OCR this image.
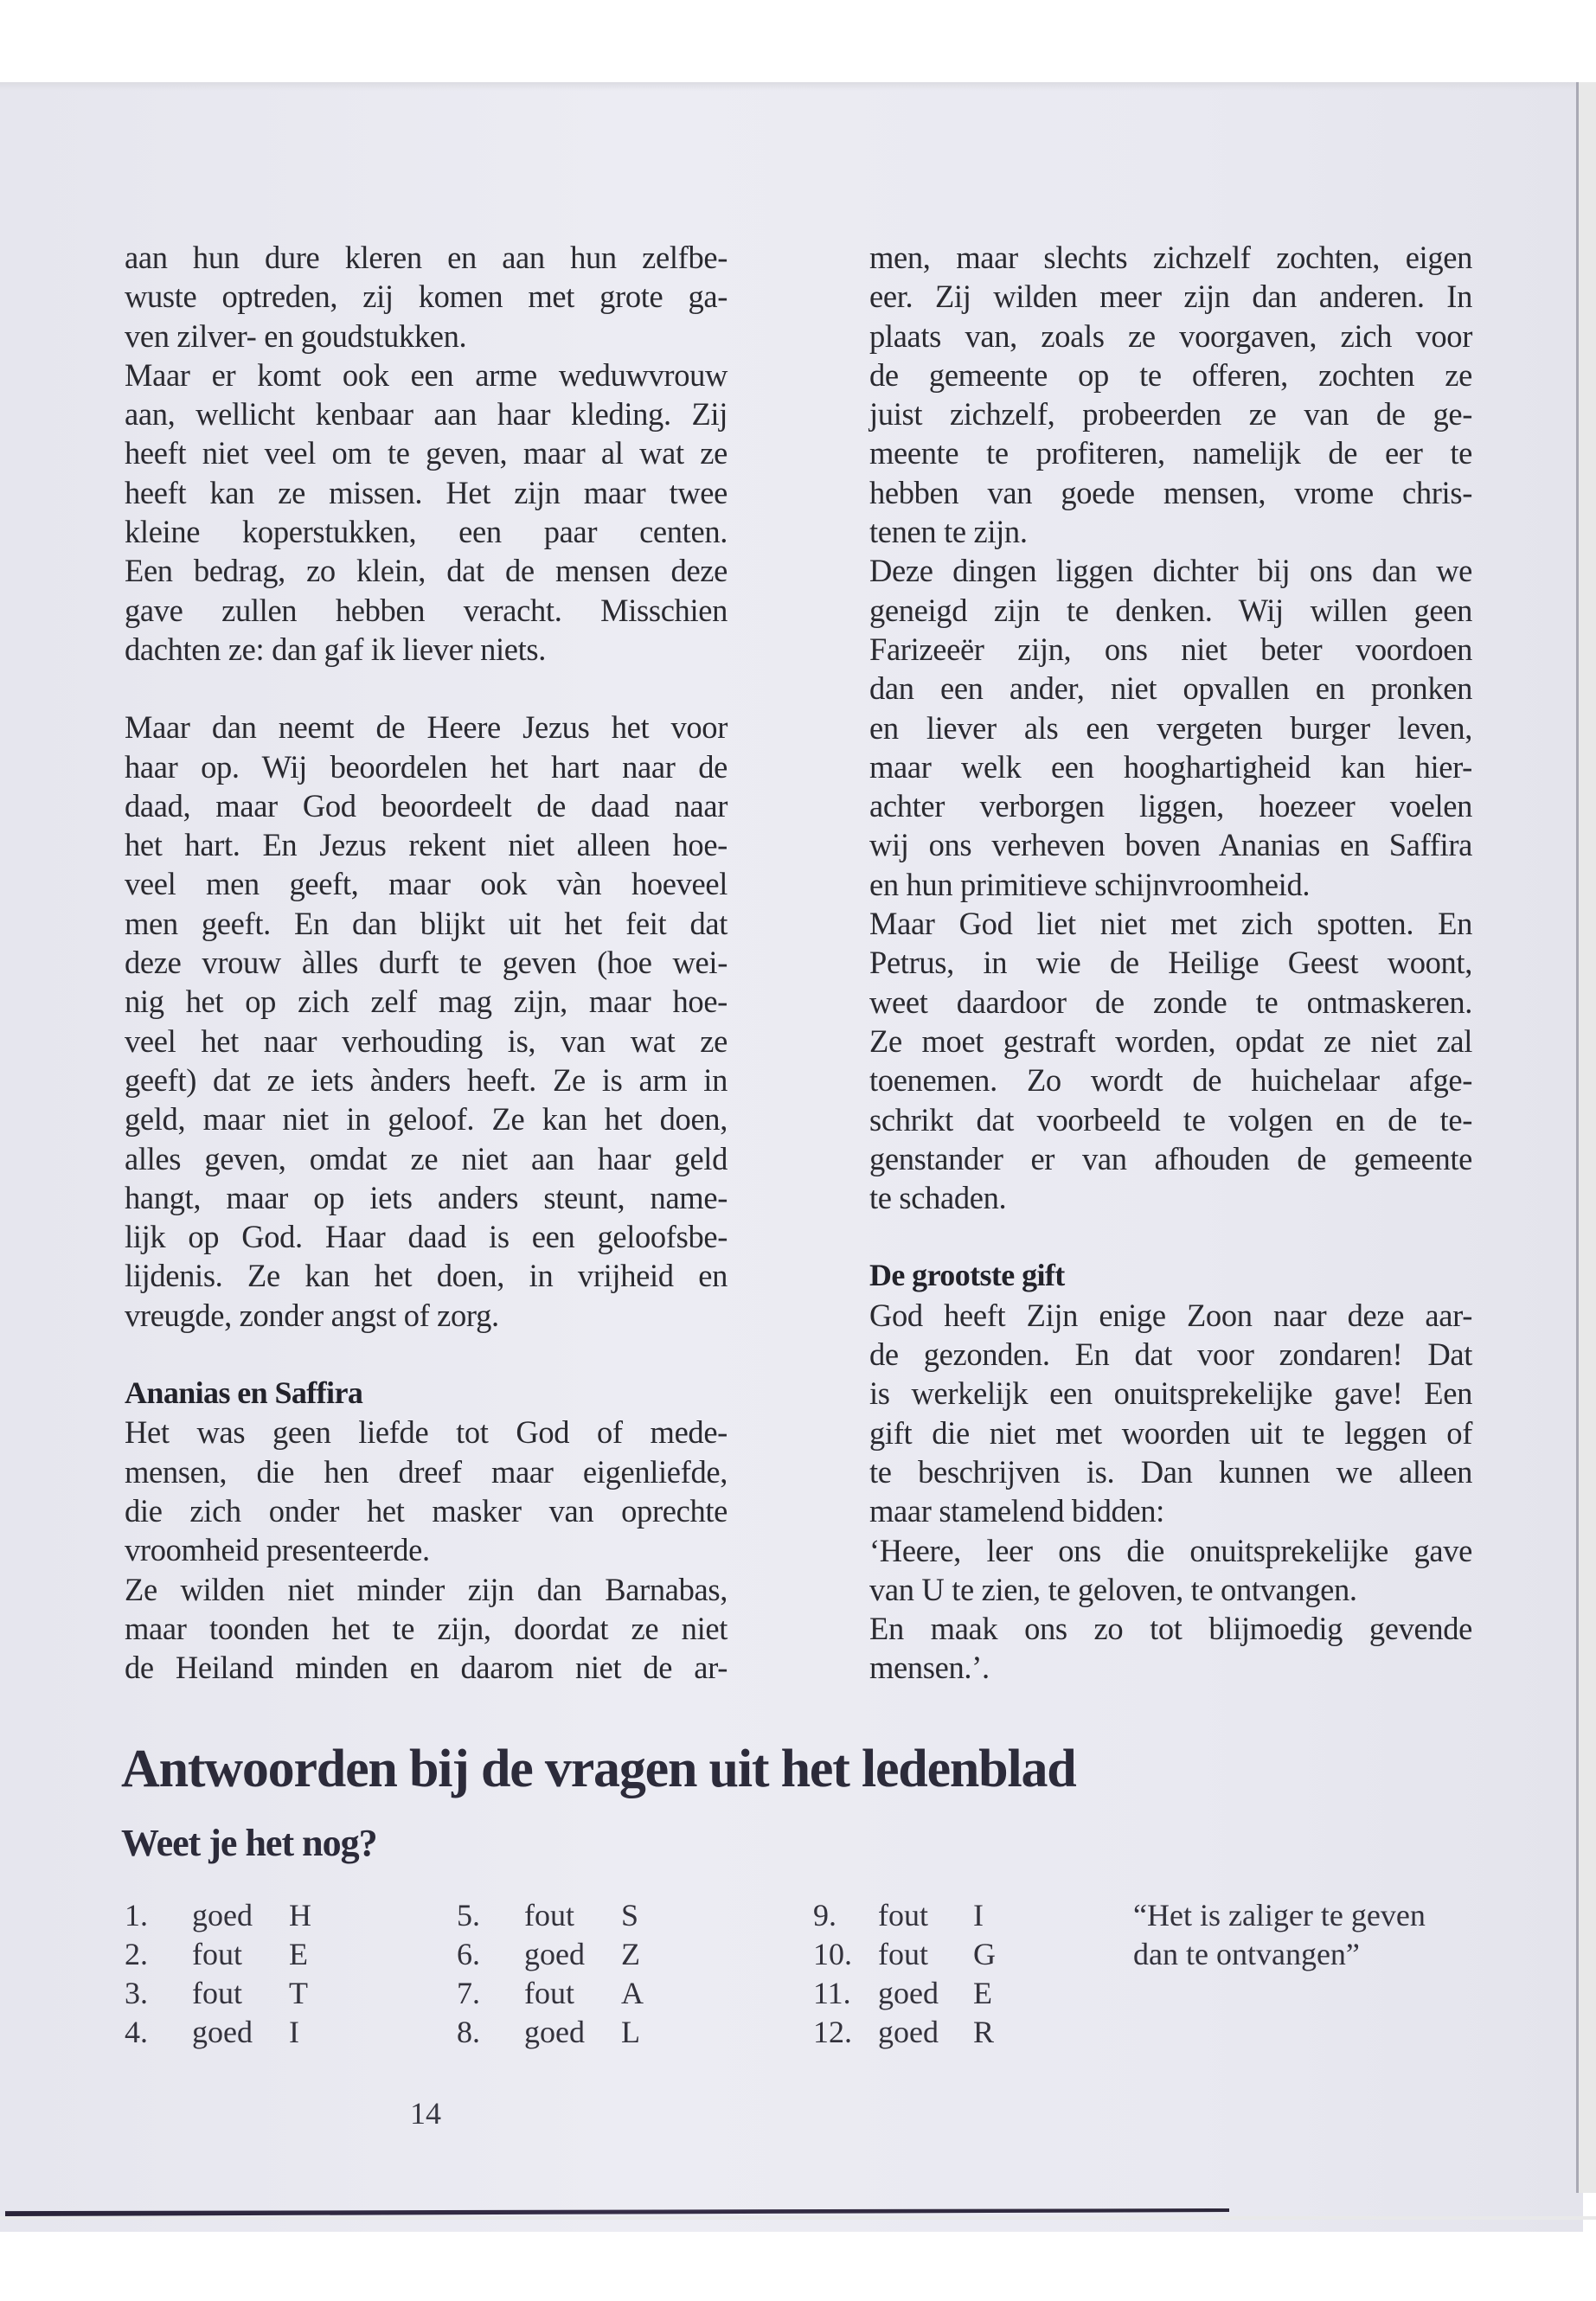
aan hun dure kleren en aan hun zelfbe-
wuste optreden, zij komen met grote ga-
ven zilver- en goudstukken.
Maar er komt ook een arme weduwvrouw
aan, wellicht kenbaar aan haar kleding. Zij
heeft niet veel om te geven, maar al wat ze
heeft kan ze missen. Het zijn maar twee
kleine koperstukken, een paar centen.
Een bedrag, zo klein, dat de mensen deze
gave zullen hebben veracht. Misschien
dachten ze: dan gaf ik liever niets.
Maar dan neemt de Heere Jezus het voor
haar op. Wij beoordelen het hart naar de
daad, maar God beoordeelt de daad naar
het hart. En Jezus rekent niet alleen hoe-
veel men geeft, maar ook vàn hoeveel
men geeft. En dan blijkt uit het feit dat
deze vrouw àlles durft te geven (hoe wei-
nig het op zich zelf mag zijn, maar hoe-
veel het naar verhouding is, van wat ze
geeft) dat ze iets ànders heeft. Ze is arm in
geld, maar niet in geloof. Ze kan het doen,
alles geven, omdat ze niet aan haar geld
hangt, maar op iets anders steunt, name-
lijk op God. Haar daad is een geloofsbe-
lijdenis. Ze kan het doen, in vrijheid en
vreugde, zonder angst of zorg.
Ananias en Saffira
Het was geen liefde tot God of mede-
mensen, die hen dreef maar eigenliefde,
die zich onder het masker van oprechte
vroomheid presenteerde.
Ze wilden niet minder zijn dan Barnabas,
maar toonden het te zijn, doordat ze niet
de Heiland minden en daarom niet de ar-
men, maar slechts zichzelf zochten, eigen
eer. Zij wilden meer zijn dan anderen. In
plaats van, zoals ze voorgaven, zich voor
de gemeente op te offeren, zochten ze
juist zichzelf, probeerden ze van de ge-
meente te profiteren, namelijk de eer te
hebben van goede mensen, vrome chris-
tenen te zijn.
Deze dingen liggen dichter bij ons dan we
geneigd zijn te denken. Wij willen geen
Farizeeër zijn, ons niet beter voordoen
dan een ander, niet opvallen en pronken
en liever als een vergeten burger leven,
maar welk een hooghartigheid kan hier-
achter verborgen liggen, hoezeer voelen
wij ons verheven boven Ananias en Saffira
en hun primitieve schijnvroomheid.
Maar God liet niet met zich spotten. En
Petrus, in wie de Heilige Geest woont,
weet daardoor de zonde te ontmaskeren.
Ze moet gestraft worden, opdat ze niet zal
toenemen. Zo wordt de huichelaar afge-
schrikt dat voorbeeld te volgen en de te-
genstander er van afhouden de gemeente
te schaden.
De grootste gift
God heeft Zijn enige Zoon naar deze aar-
de gezonden. En dat voor zondaren! Dat
is werkelijk een onuitsprekelijke gave! Een
gift die niet met woorden uit te leggen of
te beschrijven is. Dan kunnen we alleen
maar stamelend bidden:
‘Heere, leer ons die onuitsprekelijke gave
van U te zien, te geloven, te ontvangen.
En maak ons zo tot blijmoedig gevende
mensen.’.
Antwoorden bij de vragen uit het ledenblad
Weet je het nog?
1.	goed	H
2.	fout	E
3.	fout	T
4.	goed	I
5.	fout	S
6.	goed	Z
7.	fout	A
8.	goed	L
9.	fout	I
10. fout	G
11. goed	E
12. goed	R
“Het is zaliger te geven
dan te ontvangen”
14
